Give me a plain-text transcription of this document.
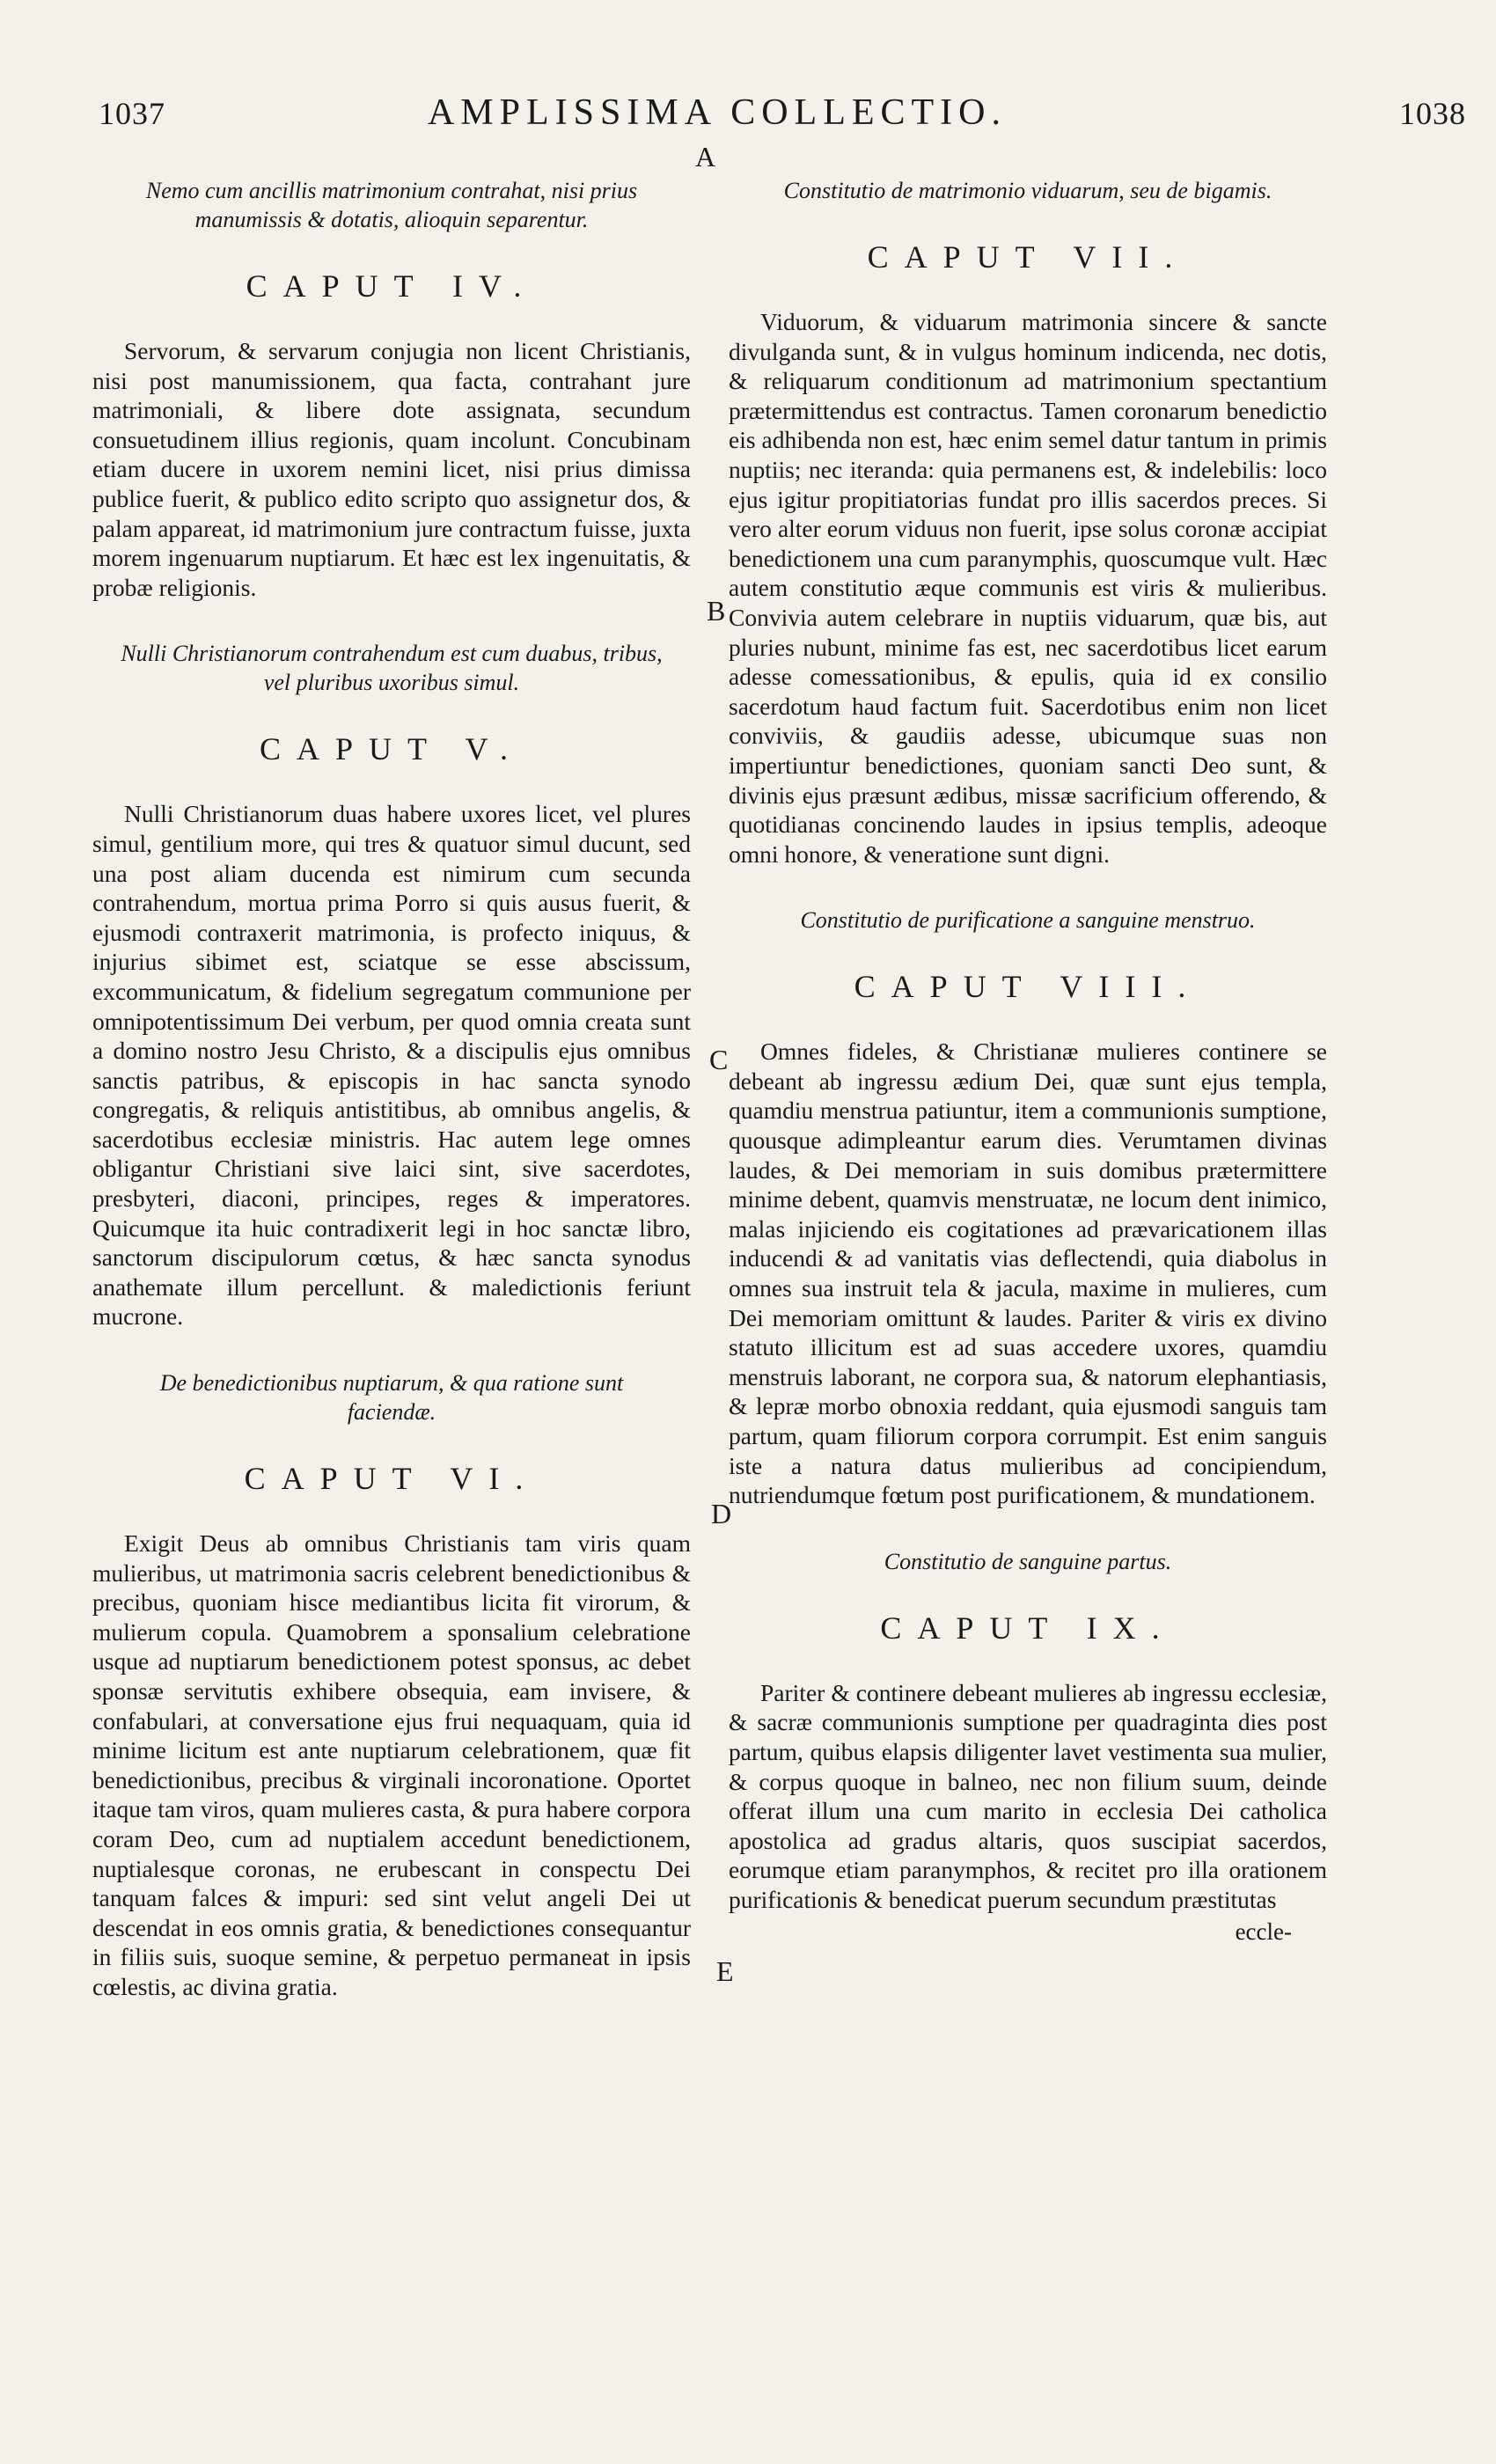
1037	AMPLISSIMA COLLECTIO.	1038
A
B
C
D
E

Nemo cum ancillis matrimonium contrahat, nisi prius manumissis & dotatis, alioquin separentur.

CAPUT IV.

Servorum, & servarum conjugia non licent Christianis, nisi post manumissionem, qua facta, contrahant jure matrimoniali, & libere dote assignata, secundum consuetudinem illius regionis, quam incolunt. Concubinam etiam ducere in uxorem nemini licet, nisi prius dimissa publice fuerit, & publico edito scripto quo assignetur dos, & palam appareat, id matrimonium jure contractum fuisse, juxta morem ingenuarum nuptiarum. Et hæc est lex ingenuitatis, & probæ religionis.

Nulli Christianorum contrahendum est cum duabus, tribus, vel pluribus uxoribus simul.

CAPUT V.

Nulli Christianorum duas habere uxores licet, vel plures simul, gentilium more, qui tres & quatuor simul ducunt, sed una post aliam ducenda est nimirum cum secunda contrahendum, mortua prima Porro si quis ausus fuerit, & ejusmodi contraxerit matrimonia, is profecto iniquus, & injurius sibimet est, sciatque se esse abscissum, excommunicatum, & fidelium segregatum communione per omnipotentissimum Dei verbum, per quod omnia creata sunt a domino nostro Jesu Christo, & a discipulis ejus omnibus sanctis patribus, & episcopis in hac sancta synodo congregatis, & reliquis antistitibus, ab omnibus angelis, & sacerdotibus ecclesiæ ministris. Hac autem lege omnes obligantur Christiani sive laici sint, sive sacerdotes, presbyteri, diaconi, principes, reges & imperatores. Quicumque ita huic contradixerit legi in hoc sanctæ libro, sanctorum discipulorum cœtus, & hæc sancta synodus anathemate illum percellunt. & maledictionis feriunt mucrone.

De benedictionibus nuptiarum, & qua ratione sunt faciendæ.

CAPUT VI.

Exigit Deus ab omnibus Christianis tam viris quam mulieribus, ut matrimonia sacris celebrent benedictionibus & precibus, quoniam hisce mediantibus licita fit virorum, & mulierum copula. Quamobrem a sponsalium celebratione usque ad nuptiarum benedictionem potest sponsus, ac debet sponsæ servitutis exhibere obsequia, eam invisere, & confabulari, at conversatione ejus frui nequaquam, quia id minime licitum est ante nuptiarum celebrationem, quæ fit benedictionibus, precibus & virginali incoronatione. Oportet itaque tam viros, quam mulieres casta, & pura habere corpora coram Deo, cum ad nuptialem accedunt benedictionem, nuptialesque coronas, ne erubescant in conspectu Dei tanquam falces & impuri: sed sint velut angeli Dei ut descendat in eos omnis gratia, & benedictiones consequantur in filiis suis, suoque semine, & perpetuo permaneat in ipsis cœlestis, ac divina gratia.

Constitutio de matrimonio viduarum, seu de bigamis.

CAPUT VII.

Viduorum, & viduarum matrimonia sincere & sancte divulganda sunt, & in vulgus hominum indicenda, nec dotis, & reliquarum conditionum ad matrimonium spectantium prætermittendus est contractus. Tamen coronarum benedictio eis adhibenda non est, hæc enim semel datur tantum in primis nuptiis; nec iteranda: quia permanens est, & indelebilis: loco ejus igitur propitiatorias fundat pro illis sacerdos preces. Si vero alter eorum viduus non fuerit, ipse solus coronæ accipiat benedictionem una cum paranymphis, quoscumque vult. Hæc autem constitutio æque communis est viris & mulieribus. Convivia autem celebrare in nuptiis viduarum, quæ bis, aut pluries nubunt, minime fas est, nec sacerdotibus licet earum adesse comessationibus, & epulis, quia id ex consilio sacerdotum haud factum fuit. Sacerdotibus enim non licet conviviis, & gaudiis adesse, ubicumque suas non impertiuntur benedictiones, quoniam sancti Deo sunt, & divinis ejus præsunt ædibus, missæ sacrificium offerendo, & quotidianas concinendo laudes in ipsius templis, adeoque omni honore, & veneratione sunt digni.

Constitutio de purificatione a sanguine menstruo.

CAPUT VIII.

Omnes fideles, & Christianæ mulieres continere se debeant ab ingressu ædium Dei, quæ sunt ejus templa, quamdiu menstrua patiuntur, item a communionis sumptione, quousque adimpleantur earum dies. Verumtamen divinas laudes, & Dei memoriam in suis domibus prætermittere minime debent, quamvis menstruatæ, ne locum dent inimico, malas injiciendo eis cogitationes ad prævaricationem illas inducendi & ad vanitatis vias deflectendi, quia diabolus in omnes sua instruit tela & jacula, maxime in mulieres, cum Dei memoriam omittunt & laudes. Pariter & viris ex divino statuto illicitum est ad suas accedere uxores, quamdiu menstruis laborant, ne corpora sua, & natorum elephantiasis, & lepræ morbo obnoxia reddant, quia ejusmodi sanguis tam partum, quam filiorum corpora corrumpit. Est enim sanguis iste a natura datus mulieribus ad concipiendum, nutriendumque fœtum post purificationem, & mundationem.

Constitutio de sanguine partus.

CAPUT IX.

Pariter & continere debeant mulieres ab ingressu ecclesiæ, & sacræ communionis sumptione per quadraginta dies post partum, quibus elapsis diligenter lavet vestimenta sua mulier, & corpus quoque in balneo, nec non filium suum, deinde offerat illum una cum marito in ecclesia Dei catholica apostolica ad gradus altaris, quos suscipiat sacerdos, eorumque etiam paranymphos, & recitet pro illa orationem purificationis & benedicat puerum secundum præstitutas

eccle-
